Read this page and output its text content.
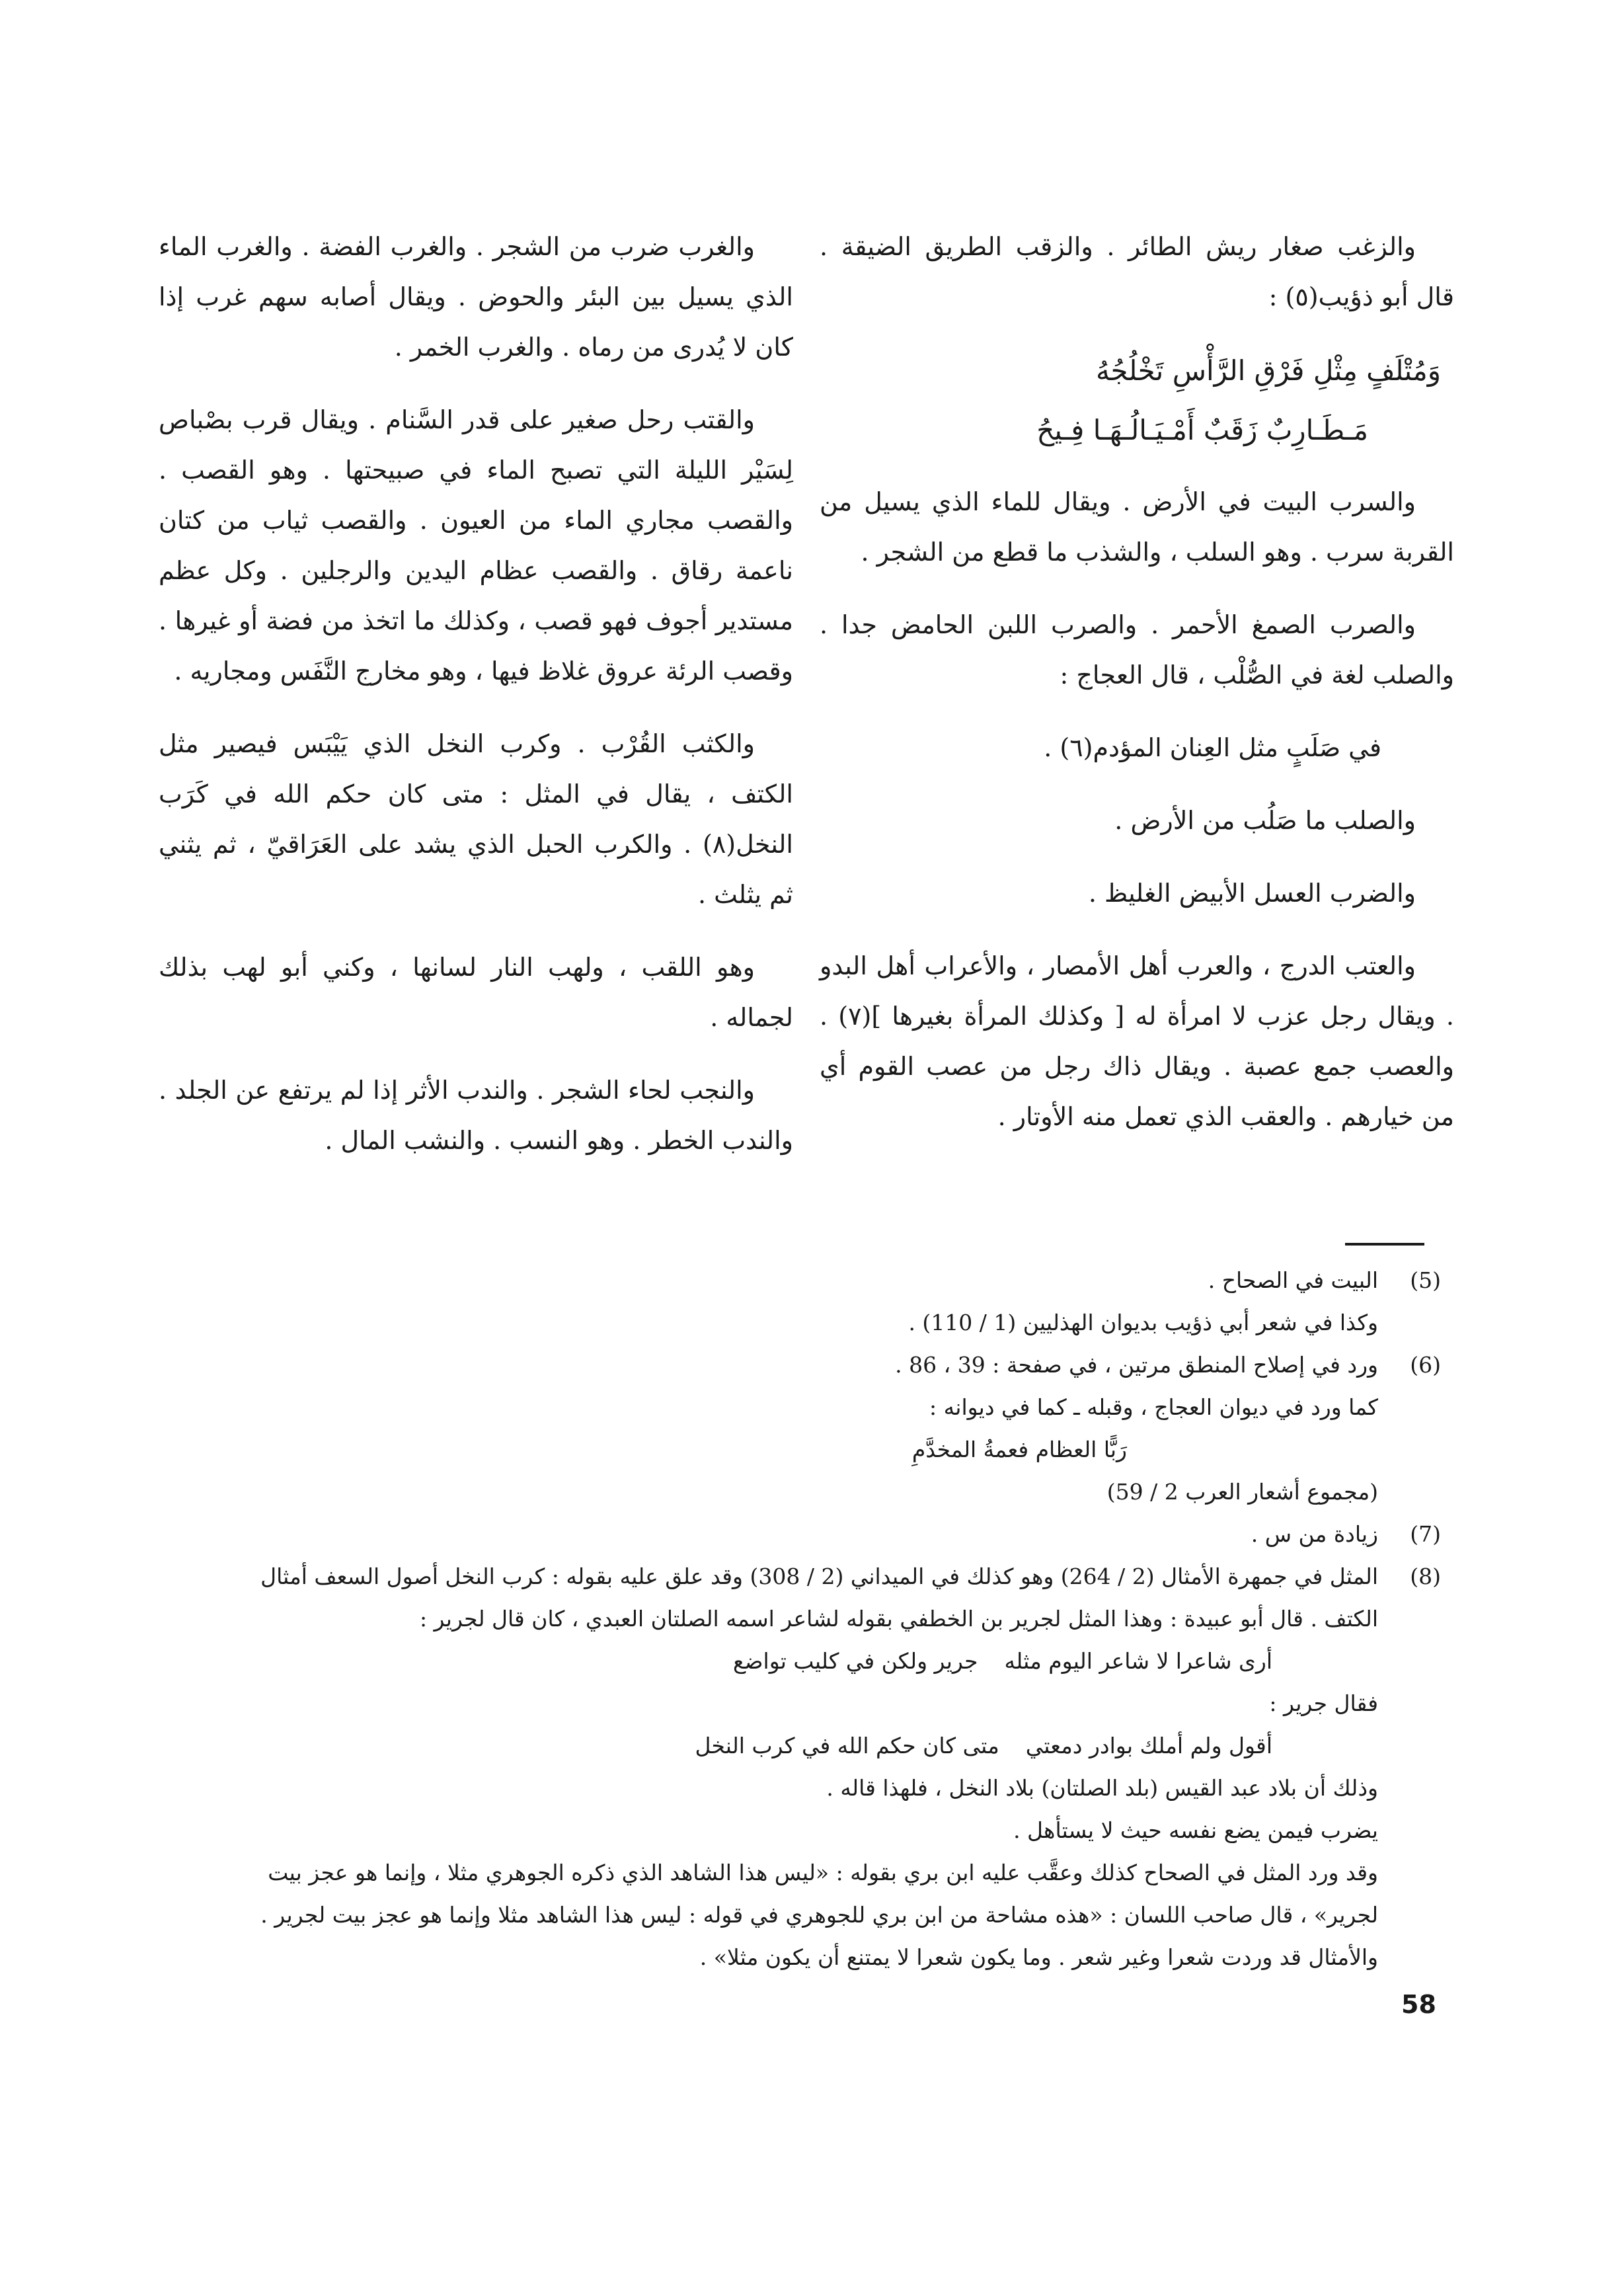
والزغب صغار ريش الطائر . والزقب الطريق الضيقة . قال أبو ذؤيب(٥) :

وَمُتْلَفٍ مِثْلِ فَرْقِ الرَّأْسِ تَخْلُجُهُ
مَـطَـارِبٌ زَقَبٌ أَمْـيَـالُـهَـا فِـيحُ

والسرب البيت في الأرض . ويقال للماء الذي يسيل من القربة سرب . وهو السلب ، والشذب ما قطع من الشجر .

والصرب الصمغ الأحمر . والصرب اللبن الحامض جدا . والصلب لغة في الصُّلْب ، قال العجاج :

في صَلَبٍ مثل العِنان المؤدم(٦) .

والصلب ما صَلُب من الأرض .

والضرب العسل الأبيض الغليظ .

والعتب الدرج ، والعرب أهل الأمصار ، والأعراب أهل البدو . ويقال رجل عزب لا امرأة له [ وكذلك المرأة بغيرها ](٧) . والعصب جمع عصبة . ويقال ذاك رجل من عصب القوم أي من خيارهم . والعقب الذي تعمل منه الأوتار .

والغرب ضرب من الشجر . والغرب الفضة . والغرب الماء الذي يسيل بين البئر والحوض . ويقال أصابه سهم غرب إذا كان لا يُدرى من رماه . والغرب الخمر .

والقتب رحل صغير على قدر السَّنام . ويقال قرب بصْباص لِسَيْر الليلة التي تصبح الماء في صبيحتها . وهو القصب . والقصب مجاري الماء من العيون . والقصب ثياب من كتان ناعمة رقاق . والقصب عظام اليدين والرجلين . وكل عظم مستدير أجوف فهو قصب ، وكذلك ما اتخذ من فضة أو غيرها . وقصب الرئة عروق غلاظ فيها ، وهو مخارج النَّفَس ومجاريه .

والكثب القُرْب . وكرب النخل الذي يَيْبَس فيصير مثل الكتف ، يقال في المثل : متى كان حكم الله في كَرَب النخل(٨) . والكرب الحبل الذي يشد على العَرَاقيّ ، ثم يثني ثم يثلث .

وهو اللقب ، ولهب النار لسانها ، وكني أبو لهب بذلك لجماله .

والنجب لحاء الشجر . والندب الأثر إذا لم يرتفع عن الجلد . والندب الخطر . وهو النسب . والنشب المال .

(5)
البيت في الصحاح .
وكذا في شعر أبي ذؤيب بديوان الهذليين (1 / 110) .
(6)
ورد في إصلاح المنطق مرتين ، في صفحة : 39 ، 86 .
كما ورد في ديوان العجاج ، وقبله ـ كما في ديوانه :
رَبًّا العظام فعمةُ المخدَّمِ
(مجموع أشعار العرب 2 / 59)
(7)
زيادة من س .
(8)
المثل في جمهرة الأمثال (2 / 264) وهو كذلك في الميداني (2 / 308) وقد علق عليه بقوله : كرب النخل أصول السعف أمثال
الكتف . قال أبو عبيدة : وهذا المثل لجرير بن الخطفي بقوله لشاعر اسمه الصلتان العبدي ، كان قال لجرير :
أرى شاعرا لا شاعر اليوم مثله
جرير ولكن في كليب تواضع
فقال جرير :
أقول ولم أملك بوادر دمعتي
متى كان حكم الله في كرب النخل
وذلك أن بلاد عبد القيس (بلد الصلتان) بلاد النخل ، فلهذا قاله .
يضرب فيمن يضع نفسه حيث لا يستأهل .
وقد ورد المثل في الصحاح كذلك وعقَّب عليه ابن بري بقوله : «ليس هذا الشاهد الذي ذكره الجوهري مثلا ، وإنما هو عجز بيت
لجرير» ، قال صاحب اللسان : «هذه مشاحة من ابن بري للجوهري في قوله : ليس هذا الشاهد مثلا وإنما هو عجز بيت لجرير .
والأمثال قد وردت شعرا وغير شعر . وما يكون شعرا لا يمتنع أن يكون مثلا» .
58
